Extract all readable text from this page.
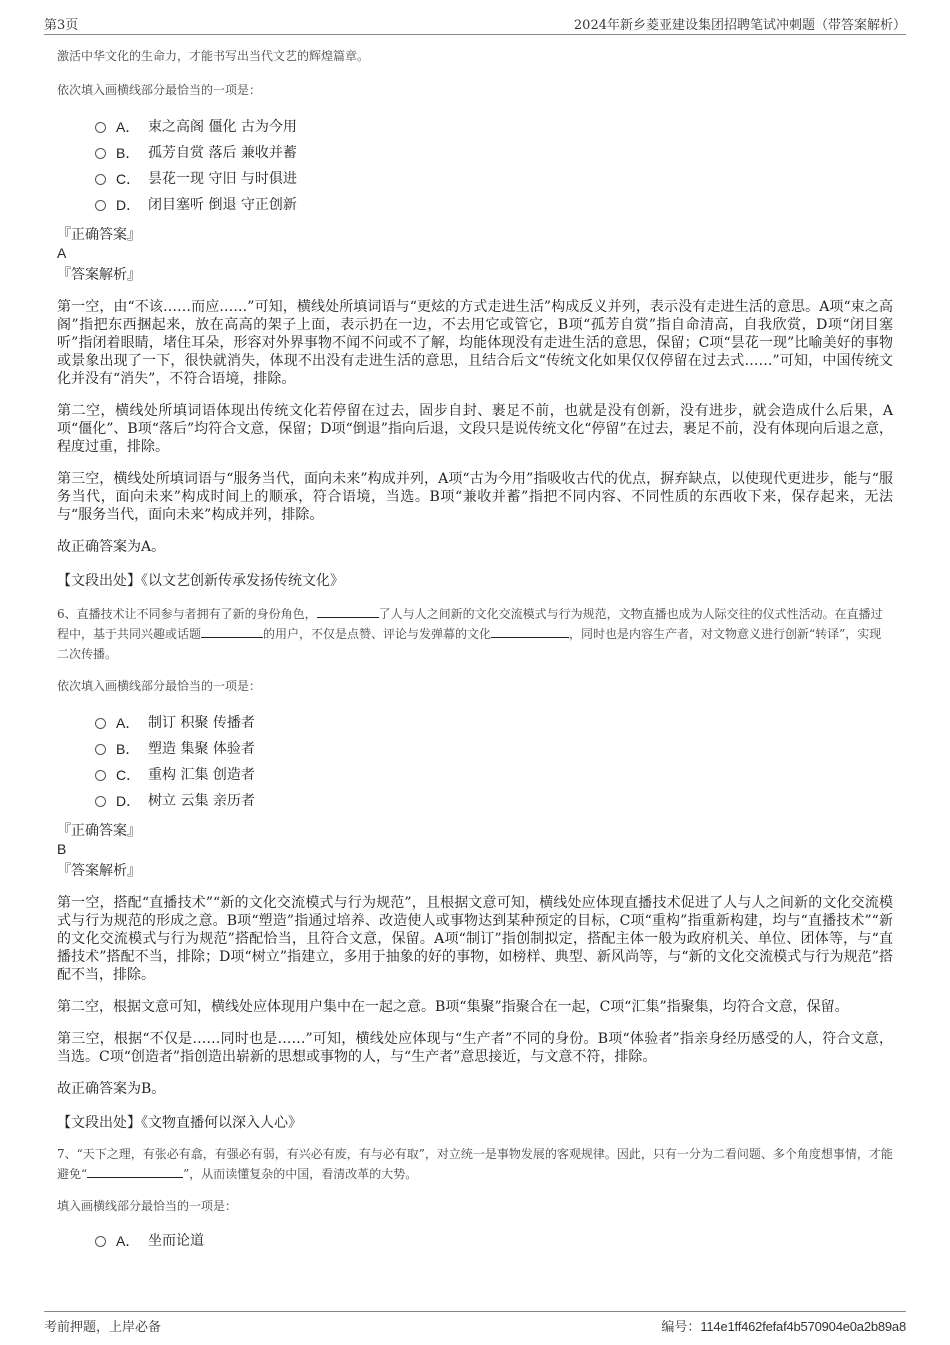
第3页	2024年新乡菱亚建设集团招聘笔试冲刺题（带答案解析）
激活中华文化的生命力，才能书写出当代文艺的辉煌篇章。
依次填入画横线部分最恰当的一项是：
A． 束之高阁 僵化 古为今用
B． 孤芳自赏 落后 兼收并蓄
C． 昙花一现 守旧 与时俱进
D． 闭目塞听 倒退 守正创新
『正确答案』
A
『答案解析』
第一空，由“不该……而应……”可知，横线处所填词语与“更炫的方式走进生活”构成反义并列，表示没有走进生活的意思。A项“束之高阁”指把东西捆起来，放在高高的架子上面，表示扔在一边，不去用它或管它，B项“孤芳自赏”指自命清高，自我欣赏，D项“闭目塞听”指闭着眼睛，堵住耳朵，形容对外界事物不闻不问或不了解，均能体现没有走进生活的意思，保留；C项“昙花一现”比喻美好的事物或景象出现了一下，很快就消失，体现不出没有走进生活的意思，且结合后文“传统文化如果仅仅停留在过去式……”可知，中国传统文化并没有“消失”，不符合语境，排除。
第二空，横线处所填词语体现出传统文化若停留在过去，固步自封、裹足不前，也就是没有创新，没有进步，就会造成什么后果，A项“僵化”、B项“落后”均符合文意，保留；D项“倒退”指向后退，文段只是说传统文化“停留”在过去，裹足不前，没有体现向后退之意，程度过重，排除。
第三空，横线处所填词语与“服务当代，面向未来”构成并列，A项“古为今用”指吸收古代的优点，摒弃缺点，以使现代更进步，能与“服务当代，面向未来”构成时间上的顺承，符合语境，当选。B项“兼收并蓄”指把不同内容、不同性质的东西收下来，保存起来，无法与“服务当代，面向未来”构成并列，排除。
故正确答案为A。
【文段出处】《以文艺创新传承发扬传统文化》
6、直播技术让不同参与者拥有了新的身份角色，	了人与人之间新的文化交流模式与行为规范，文物直播也成为人际交往的仪式性活动。在直播过程中，基于共同兴趣或话题	的用户，不仅是点赞、评论与发弹幕的文化	，同时也是内容生产者，对文物意义进行创新“转译”，实现二次传播。
依次填入画横线部分最恰当的一项是：
A． 制订 积聚 传播者
B． 塑造 集聚 体验者
C． 重构 汇集 创造者
D． 树立 云集 亲历者
『正确答案』
B
『答案解析』
第一空，搭配“直播技术”“新的文化交流模式与行为规范”，且根据文意可知，横线处应体现直播技术促进了人与人之间新的文化交流模式与行为规范的形成之意。B项“塑造”指通过培养、改造使人或事物达到某种预定的目标，C项“重构”指重新构建，均与“直播技术”“新的文化交流模式与行为规范”搭配恰当，且符合文意，保留。A项“制订”指创制拟定，搭配主体一般为政府机关、单位、团体等，与“直播技术”搭配不当，排除；D项“树立”指建立，多用于抽象的好的事物，如榜样、典型、新风尚等，与“新的文化交流模式与行为规范”搭配不当，排除。
第二空，根据文意可知，横线处应体现用户集中在一起之意。B项“集聚”指聚合在一起，C项“汇集”指聚集，均符合文意，保留。
第三空，根据“不仅是……同时也是……”可知，横线处应体现与“生产者”不同的身份。B项“体验者”指亲身经历感受的人，符合文意，当选。C项“创造者”指创造出崭新的思想或事物的人，与“生产者”意思接近，与文意不符，排除。
故正确答案为B。
【文段出处】《文物直播何以深入人心》
7、“天下之理，有张必有翕，有强必有弱，有兴必有废，有与必有取”，对立统一是事物发展的客观规律。因此，只有一分为二看问题、多个角度想事情，才能避免“	”，从而读懂复杂的中国，看清改革的大势。
填入画横线部分最恰当的一项是：
A． 坐而论道
考前押题，上岸必备	编号：114e1ff462fefaf4b570904e0a2b89a8
